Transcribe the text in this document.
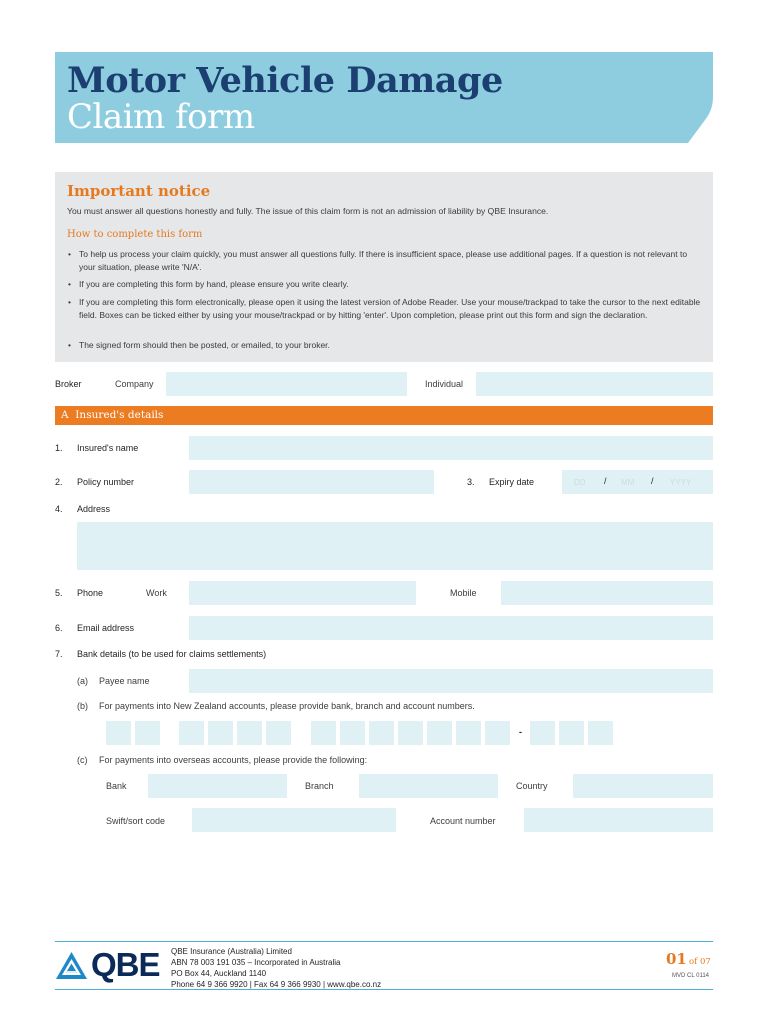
Motor Vehicle Damage
Claim form
Important notice
You must answer all questions honestly and fully. The issue of this claim form is not an admission of liability by QBE Insurance.
How to complete this form
• To help us process your claim quickly, you must answer all questions fully. If there is insufficient space, please use additional pages. If a question is not relevant to your situation, please write 'N/A'.
• If you are completing this form by hand, please ensure you write clearly.
• If you are completing this form electronically, please open it using the latest version of Adobe Reader. Use your mouse/trackpad to take the cursor to the next editable field. Boxes can be ticked either by using your mouse/trackpad or by hitting 'enter'. Upon completion, please print out this form and sign the declaration.
• The signed form should then be posted, or emailed, to your broker.
Broker	Company	Individual
A Insured's details
1. Insured's name
2. Policy number	3. Expiry date	DD / MM / YYYY
4. Address
5. Phone	Work	Mobile
6. Email address
7. Bank details (to be used for claims settlements)
(a) Payee name
(b) For payments into New Zealand accounts, please provide bank, branch and account numbers.
-
(c) For payments into overseas accounts, please provide the following:
Bank	Branch	Country
Swift/sort code	Account number
QBE QBE Insurance (Australia) Limited
ABN 78 003 191 035 – Incorporated in Australia
PO Box 44, Auckland 1140
Phone 64 9 366 9920 | Fax 64 9 366 9930 | www.qbe.co.nz
01 of 07
MVD CL 0114
